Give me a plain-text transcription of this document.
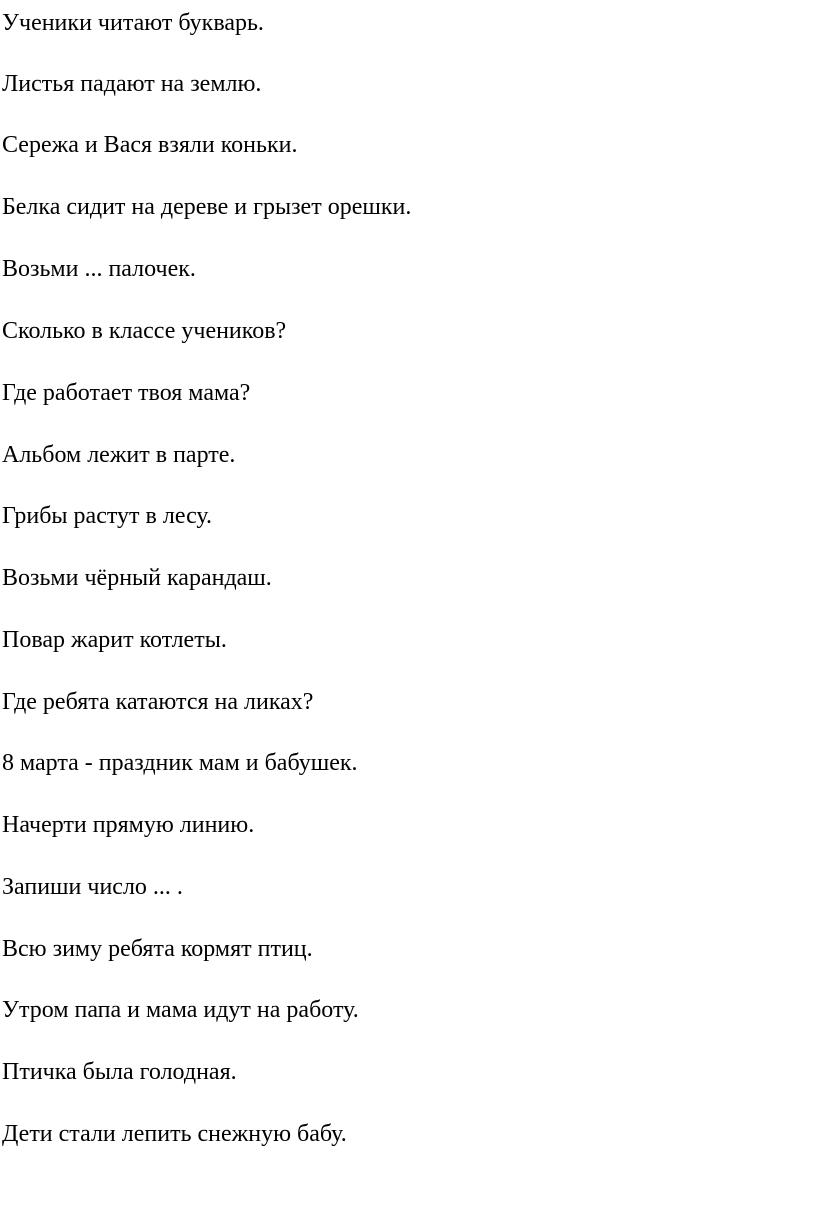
Ученики читают букварь.

Листья падают на землю.

Сережа и Вася взяли коньки.

Белка сидит на дереве и грызет орешки.

Возьми ... палочек.

Сколько в классе учеников?

Где работает твоя мама?

Альбом лежит в парте.

Грибы растут в лесу.

Возьми чёрный карандаш.

Повар жарит котлеты.

Где ребята катаются на ликах?

8 марта - праздник мам и бабушек.

Начерти прямую линию.

Запиши число ... .

Всю зиму ребята кормят птиц.

Утром папа и мама идут на работу.

Птичка была голодная.

Дети стали лепить снежную бабу.
